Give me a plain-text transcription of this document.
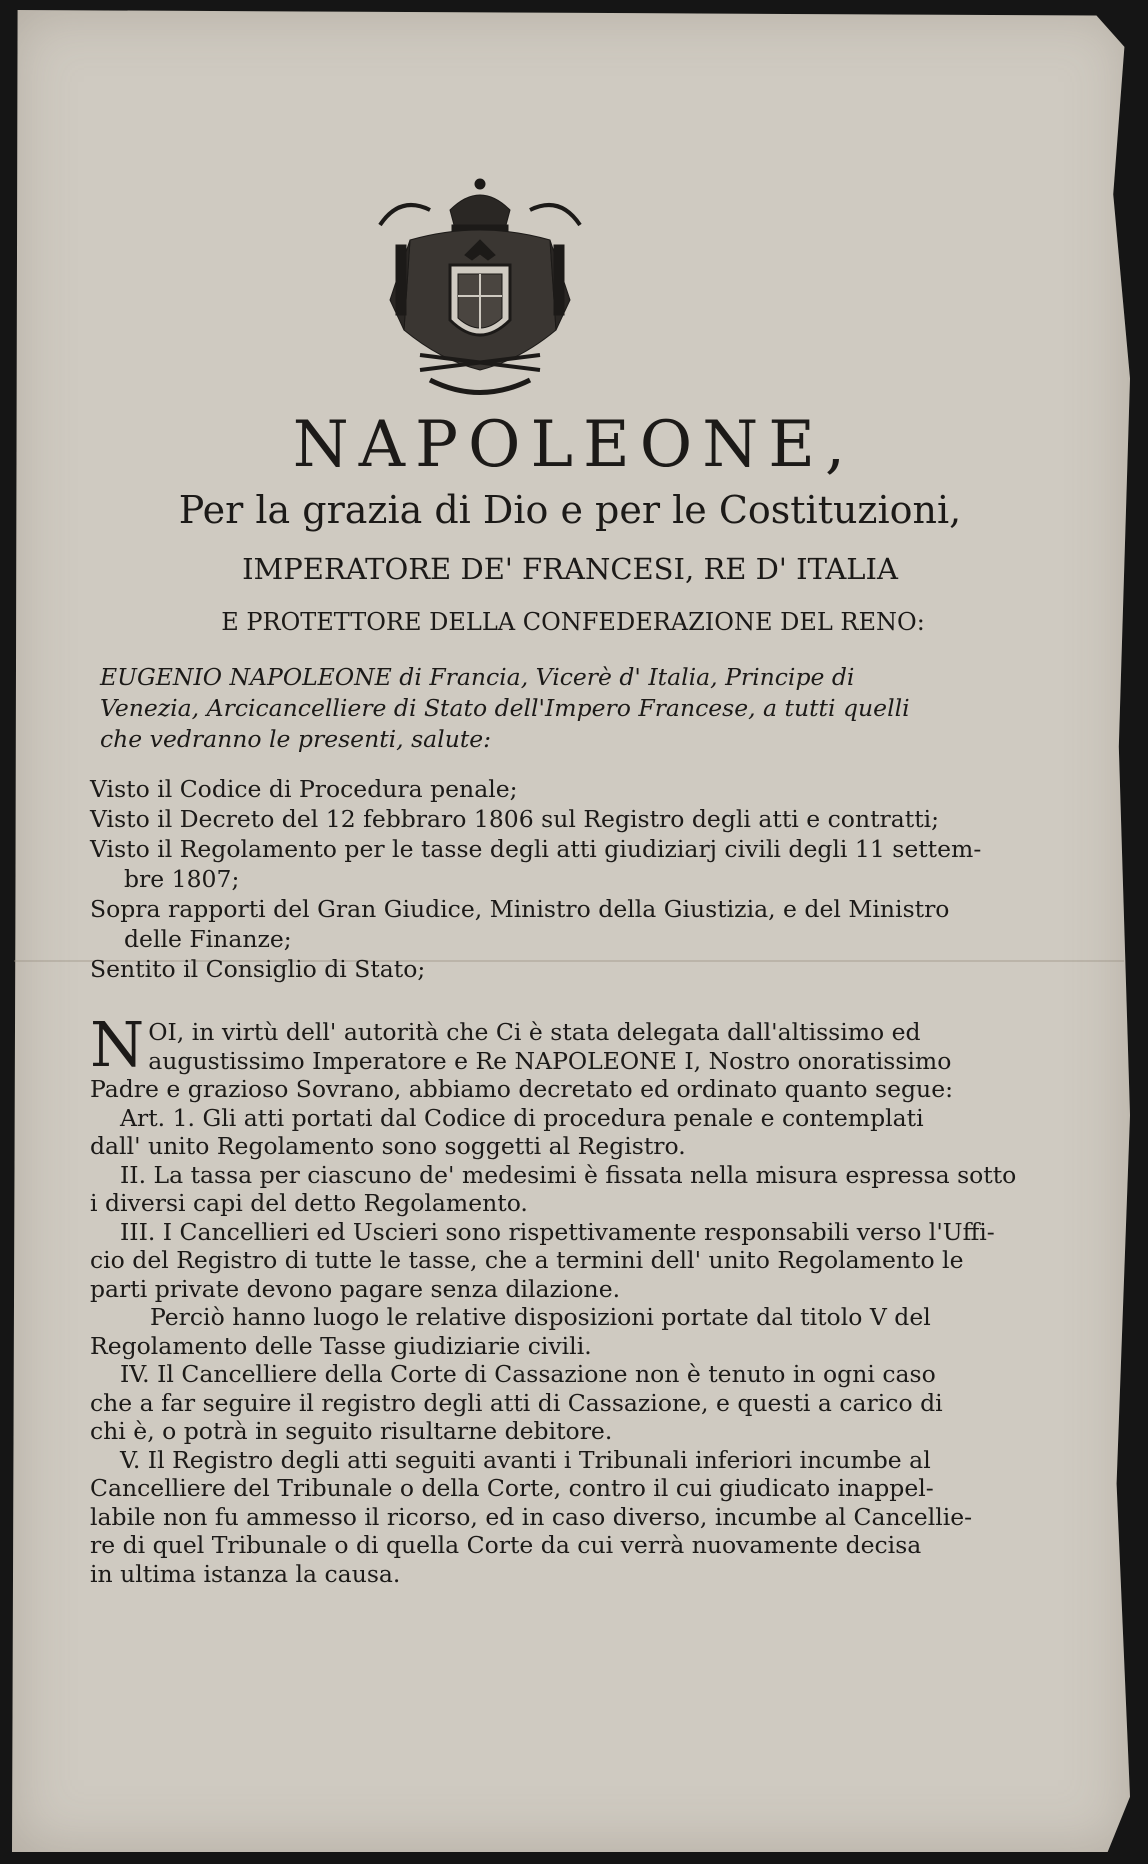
NAPOLEONE,
Per la grazia di Dio e per le Costituzioni,
IMPERATORE DE' FRANCESI, RE D' ITALIA
E PROTETTORE DELLA CONFEDERAZIONE DEL RENO:

EUGENIO NAPOLEONE di Francia, Vicerè d' Italia, Principe di

Venezia, Arcicancelliere di Stato dell'Impero Francese, a tutti quelli

che vedranno le presenti, salute:

Visto il Codice di Procedura penale;

Visto il Decreto del 12 febbraro 1806 sul Registro degli atti e contratti;

Visto il Regolamento per le tasse degli atti giudiziarj civili degli 11 settem-

bre 1807;

Sopra rapporti del Gran Giudice, Ministro della Giustizia, e del Ministro

delle Finanze;

Sentito il Consiglio di Stato;

N OI, in virtù dell' autorità che Ci è stata delegata dall'altissimo ed

augustissimo Imperatore e Re NAPOLEONE I, Nostro onoratissimo

Padre e grazioso Sovrano, abbiamo decretato ed ordinato quanto segue:

Art. 1. Gli atti portati dal Codice di procedura penale e contemplati

dall' unito Regolamento sono soggetti al Registro.

II. La tassa per ciascuno de' medesimi è fissata nella misura espressa sotto

i diversi capi del detto Regolamento.

III. I Cancellieri ed Uscieri sono rispettivamente responsabili verso l'Uffi-

cio del Registro di tutte le tasse, che a termini dell' unito Regolamento le

parti private devono pagare senza dilazione.

Perciò hanno luogo le relative disposizioni portate dal titolo V del

Regolamento delle Tasse giudiziarie civili.

IV. Il Cancelliere della Corte di Cassazione non è tenuto in ogni caso

che a far seguire il registro degli atti di Cassazione, e questi a carico di

chi è, o potrà in seguito risultarne debitore.

V. Il Registro degli atti seguiti avanti i Tribunali inferiori incumbe al

Cancelliere del Tribunale o della Corte, contro il cui giudicato inappel-

labile non fu ammesso il ricorso, ed in caso diverso, incumbe al Cancellie-

re di quel Tribunale o di quella Corte da cui verrà nuovamente decisa

in ultima istanza la causa.
